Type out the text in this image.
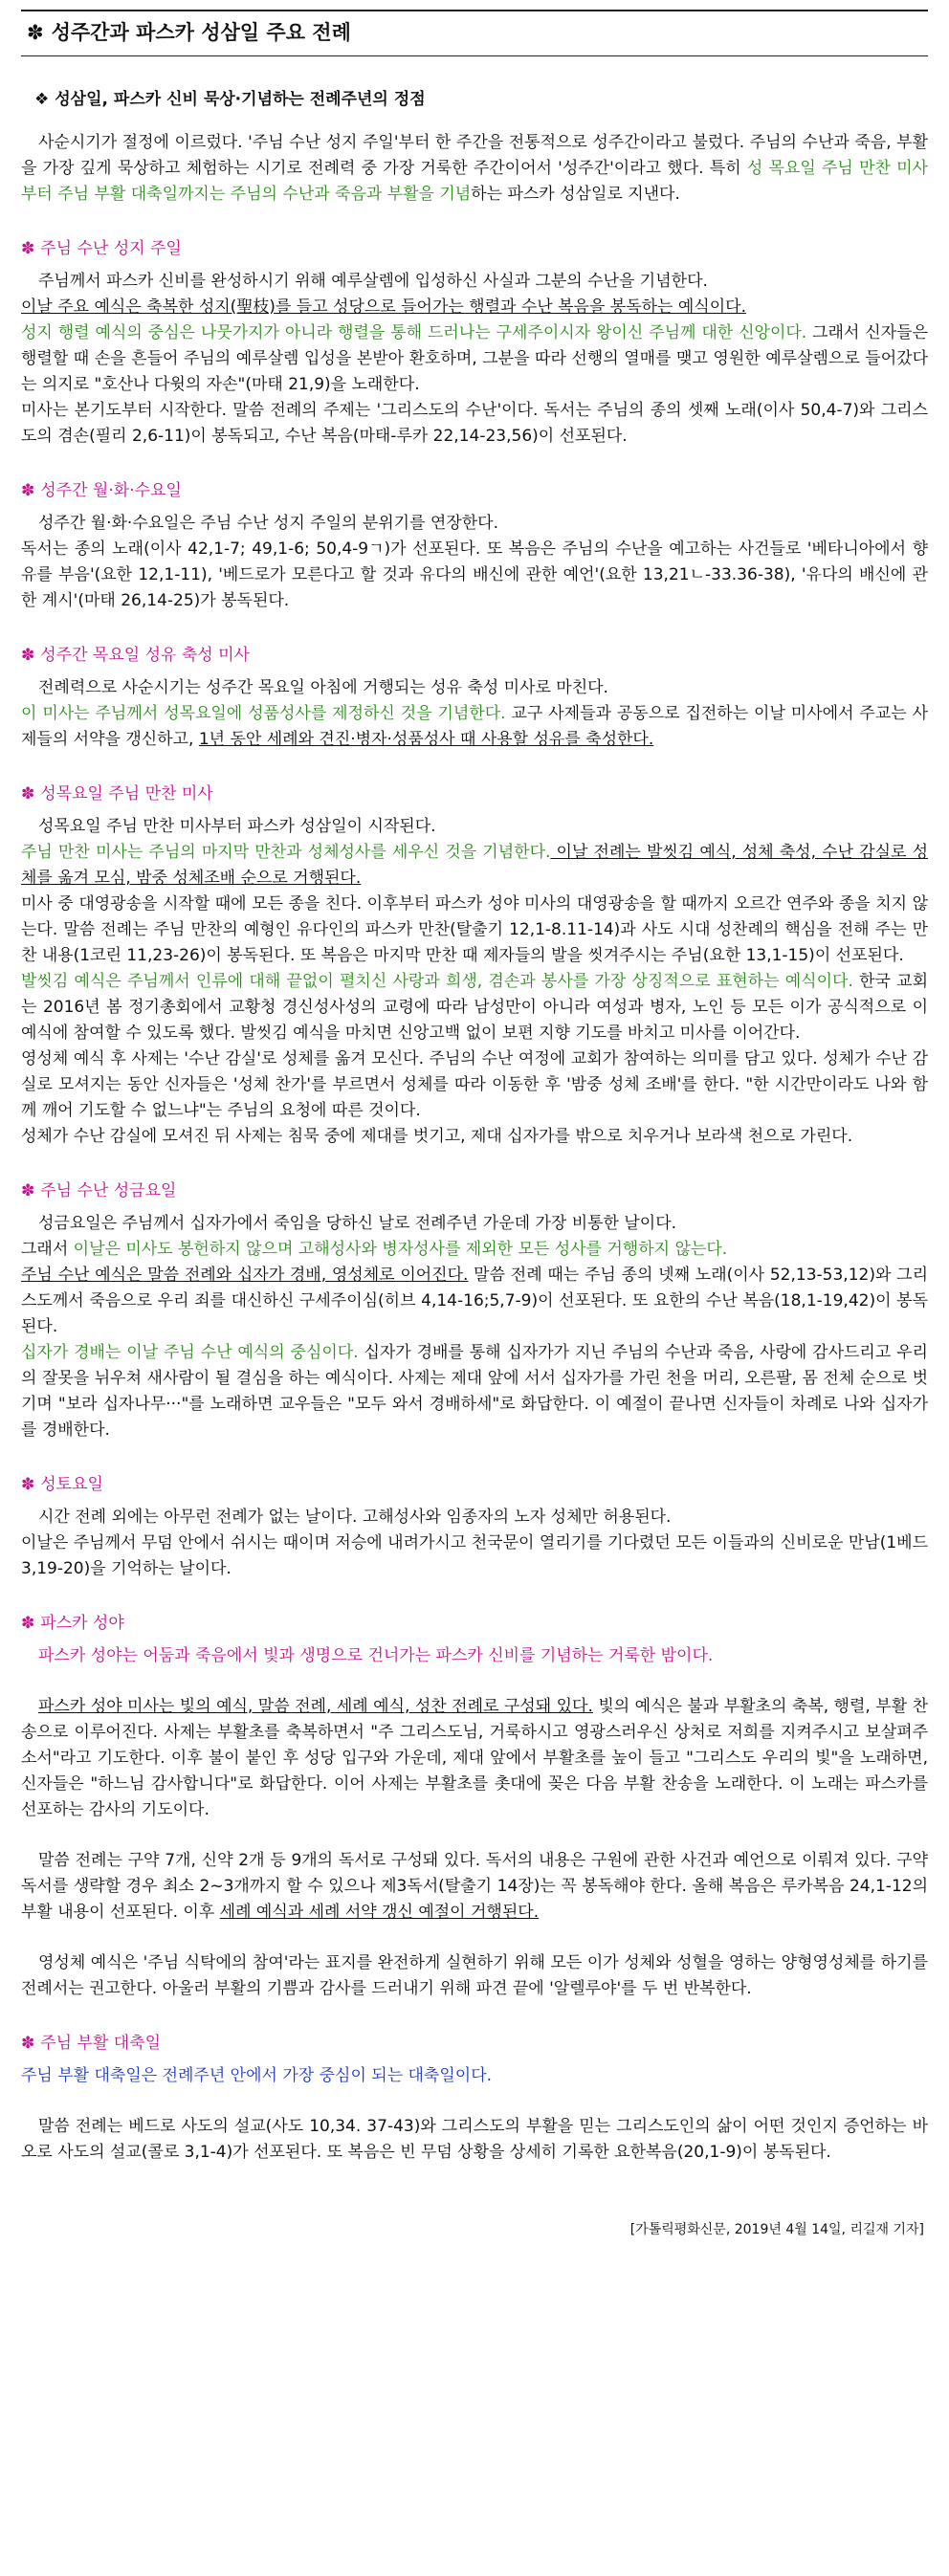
✽ 성주간과 파스카 성삼일 주요 전례
❖ 성삼일, 파스카 신비 묵상·기념하는 전례주년의 정점

사순시기가 절정에 이르렀다. '주님 수난 성지 주일'부터 한 주간을 전통적으로 성주간이라고 불렀다. 주님의 수난과 죽음, 부활을 가장 깊게 묵상하고 체험하는 시기로 전례력 중 가장 거룩한 주간이어서 '성주간'이라고 했다. 특히 성 목요일 주님 만찬 미사부터 주님 부활 대축일까지는 주님의 수난과 죽음과 부활을 기념하는 파스카 성삼일로 지낸다.

✽ 주님 수난 성지 주일

주님께서 파스카 신비를 완성하시기 위해 예루살렘에 입성하신 사실과 그분의 수난을 기념한다.

이날 주요 예식은 축복한 성지(聖枝)를 들고 성당으로 들어가는 행렬과 수난 복음을 봉독하는 예식이다.

성지 행렬 예식의 중심은 나뭇가지가 아니라 행렬을 통해 드러나는 구세주이시자 왕이신 주님께 대한 신앙이다. 그래서 신자들은 행렬할 때 손을 흔들어 주님의 예루살렘 입성을 본받아 환호하며, 그분을 따라 선행의 열매를 맺고 영원한 예루살렘으로 들어갔다는 의지로 "호산나 다윗의 자손"(마태 21,9)을 노래한다.

미사는 본기도부터 시작한다. 말씀 전례의 주제는 '그리스도의 수난'이다. 독서는 주님의 종의 셋째 노래(이사 50,4-7)와 그리스도의 겸손(필리 2,6-11)이 봉독되고, 수난 복음(마태-루카 22,14-23,56)이 선포된다.

✽ 성주간 월·화·수요일

성주간 월·화·수요일은 주님 수난 성지 주일의 분위기를 연장한다.

독서는 종의 노래(이사 42,1-7; 49,1-6; 50,4-9ㄱ)가 선포된다. 또 복음은 주님의 수난을 예고하는 사건들로 '베타니아에서 향유를 부음'(요한 12,1-11), '베드로가 모른다고 할 것과 유다의 배신에 관한 예언'(요한 13,21ㄴ-33.36-38), '유다의 배신에 관한 계시'(마태 26,14-25)가 봉독된다.

✽ 성주간 목요일 성유 축성 미사

전례력으로 사순시기는 성주간 목요일 아침에 거행되는 성유 축성 미사로 마친다.

이 미사는 주님께서 성목요일에 성품성사를 제정하신 것을 기념한다. 교구 사제들과 공동으로 집전하는 이날 미사에서 주교는 사제들의 서약을 갱신하고, 1년 동안 세례와 견진·병자·성품성사 때 사용할 성유를 축성한다.

✽ 성목요일 주님 만찬 미사

성목요일 주님 만찬 미사부터 파스카 성삼일이 시작된다.

주님 만찬 미사는 주님의 마지막 만찬과 성체성사를 세우신 것을 기념한다. 이날 전례는 발씻김 예식, 성체 축성, 수난 감실로 성체를 옮겨 모심, 밤중 성체조배 순으로 거행된다.

미사 중 대영광송을 시작할 때에 모든 종을 친다. 이후부터 파스카 성야 미사의 대영광송을 할 때까지 오르간 연주와 종을 치지 않는다. 말씀 전례는 주님 만찬의 예형인 유다인의 파스카 만찬(탈출기 12,1-8.11-14)과 사도 시대 성찬례의 핵심을 전해 주는 만찬 내용(1코린 11,23-26)이 봉독된다. 또 복음은 마지막 만찬 때 제자들의 발을 씻겨주시는 주님(요한 13,1-15)이 선포된다.

발씻김 예식은 주님께서 인류에 대해 끝없이 펼치신 사랑과 희생, 겸손과 봉사를 가장 상징적으로 표현하는 예식이다. 한국 교회는 2016년 봄 정기총회에서 교황청 경신성사성의 교령에 따라 남성만이 아니라 여성과 병자, 노인 등 모든 이가 공식적으로 이 예식에 참여할 수 있도록 했다. 발씻김 예식을 마치면 신앙고백 없이 보편 지향 기도를 바치고 미사를 이어간다.

영성체 예식 후 사제는 '수난 감실'로 성체를 옮겨 모신다. 주님의 수난 여정에 교회가 참여하는 의미를 담고 있다. 성체가 수난 감실로 모셔지는 동안 신자들은 '성체 찬가'를 부르면서 성체를 따라 이동한 후 '밤중 성체 조배'를 한다. "한 시간만이라도 나와 함께 깨어 기도할 수 없느냐"는 주님의 요청에 따른 것이다.

성체가 수난 감실에 모셔진 뒤 사제는 침묵 중에 제대를 벗기고, 제대 십자가를 밖으로 치우거나 보라색 천으로 가린다.

✽ 주님 수난 성금요일

성금요일은 주님께서 십자가에서 죽임을 당하신 날로 전례주년 가운데 가장 비통한 날이다.

그래서 이날은 미사도 봉헌하지 않으며 고해성사와 병자성사를 제외한 모든 성사를 거행하지 않는다.

주님 수난 예식은 말씀 전례와 십자가 경배, 영성체로 이어진다. 말씀 전례 때는 주님 종의 넷째 노래(이사 52,13-53,12)와 그리스도께서 죽음으로 우리 죄를 대신하신 구세주이심(히브 4,14-16;5,7-9)이 선포된다. 또 요한의 수난 복음(18,1-19,42)이 봉독된다.

십자가 경배는 이날 주님 수난 예식의 중심이다. 십자가 경배를 통해 십자가가 지닌 주님의 수난과 죽음, 사랑에 감사드리고 우리의 잘못을 뉘우쳐 새사람이 될 결심을 하는 예식이다. 사제는 제대 앞에 서서 십자가를 가린 천을 머리, 오른팔, 몸 전체 순으로 벗기며 "보라 십자나무···"를 노래하면 교우들은 "모두 와서 경배하세"로 화답한다. 이 예절이 끝나면 신자들이 차례로 나와 십자가를 경배한다.

✽ 성토요일

시간 전례 외에는 아무런 전례가 없는 날이다. 고해성사와 임종자의 노자 성체만 허용된다.

이날은 주님께서 무덤 안에서 쉬시는 때이며 저승에 내려가시고 천국문이 열리기를 기다렸던 모든 이들과의 신비로운 만남(1베드 3,19-20)을 기억하는 날이다.

✽ 파스카 성야

파스카 성야는 어둠과 죽음에서 빛과 생명으로 건너가는 파스카 신비를 기념하는 거룩한 밤이다.

파스카 성야 미사는 빛의 예식, 말씀 전례, 세례 예식, 성찬 전례로 구성돼 있다. 빛의 예식은 불과 부활초의 축복, 행렬, 부활 찬송으로 이루어진다. 사제는 부활초를 축복하면서 "주 그리스도님, 거룩하시고 영광스러우신 상처로 저희를 지켜주시고 보살펴주소서"라고 기도한다. 이후 불이 붙인 후 성당 입구와 가운데, 제대 앞에서 부활초를 높이 들고 "그리스도 우리의 빛"을 노래하면, 신자들은 "하느님 감사합니다"로 화답한다. 이어 사제는 부활초를 촛대에 꽂은 다음 부활 찬송을 노래한다. 이 노래는 파스카를 선포하는 감사의 기도이다.

말씀 전례는 구약 7개, 신약 2개 등 9개의 독서로 구성돼 있다. 독서의 내용은 구원에 관한 사건과 예언으로 이뤄져 있다. 구약 독서를 생략할 경우 최소 2~3개까지 할 수 있으나 제3독서(탈출기 14장)는 꼭 봉독해야 한다. 올해 복음은 루카복음 24,1-12의 부활 내용이 선포된다. 이후 세례 예식과 세례 서약 갱신 예절이 거행된다.

영성체 예식은 '주님 식탁에의 참여'라는 표지를 완전하게 실현하기 위해 모든 이가 성체와 성혈을 영하는 양형영성체를 하기를 전례서는 권고한다. 아울러 부활의 기쁨과 감사를 드러내기 위해 파견 끝에 '알렐루야'를 두 번 반복한다.

✽ 주님 부활 대축일

주님 부활 대축일은 전례주년 안에서 가장 중심이 되는 대축일이다.

말씀 전례는 베드로 사도의 설교(사도 10,34. 37-43)와 그리스도의 부활을 믿는 그리스도인의 삶이 어떤 것인지 증언하는 바오로 사도의 설교(콜로 3,1-4)가 선포된다. 또 복음은 빈 무덤 상황을 상세히 기록한 요한복음(20,1-9)이 봉독된다.

[가톨릭평화신문, 2019년 4월 14일, 리길재 기자]
